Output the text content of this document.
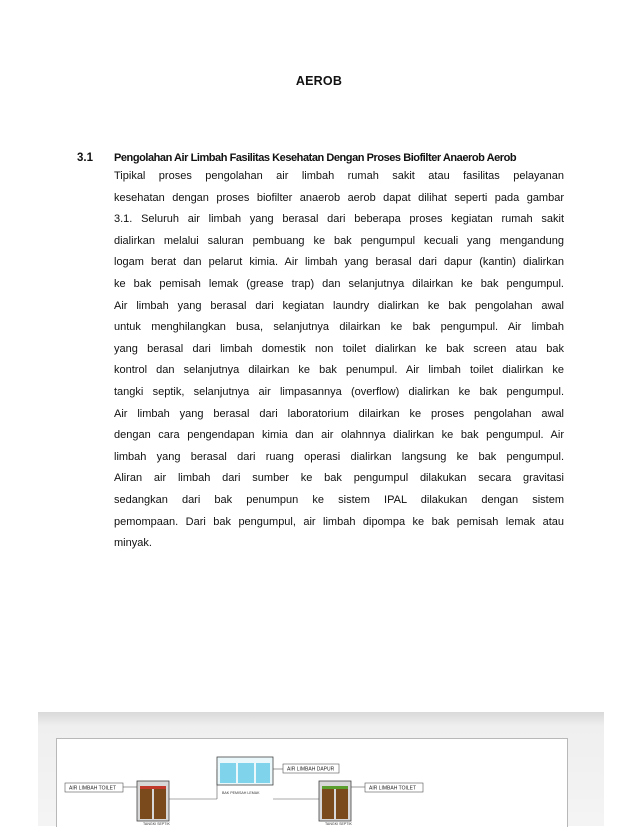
AEROB
3.1 Pengolahan Air Limbah Fasilitas Kesehatan Dengan Proses Biofilter Anaerob Aerob
Tipikal proses pengolahan air limbah rumah sakit atau fasilitas pelayanan
kesehatan dengan proses biofilter anaerob aerob dapat dilihat seperti pada gambar
3.1. Seluruh air limbah yang berasal dari beberapa proses kegiatan rumah sakit
dialirkan melalui saluran pembuang ke bak pengumpul kecuali yang mengandung
logam berat dan pelarut kimia. Air limbah yang berasal dari dapur (kantin) dialirkan
ke bak pemisah lemak (grease trap) dan selanjutnya dilairkan ke bak pengumpul.
Air limbah yang berasal dari kegiatan laundry dialirkan ke bak pengolahan awal
untuk menghilangkan busa, selanjutnya dilairkan ke bak pengumpul. Air limbah
yang berasal dari limbah domestik non toilet dialirkan ke bak screen atau bak
kontrol dan selanjutnya dilairkan ke bak penumpul. Air limbah toilet dialirkan ke
tangki septik, selanjutnya air limpasannya (overflow) dialirkan ke bak pengumpul.
Air limbah yang berasal dari laboratorium dilairkan ke proses pengolahan awal
dengan cara pengendapan kimia dan air olahnnya dialirkan ke bak pengumpul. Air
limbah yang berasal dari ruang operasi dialirkan langsung ke bak pengumpul.
Aliran air limbah dari sumber ke bak pengumpul dilakukan secara gravitasi
sedangkan dari bak penumpun ke sistem IPAL dilakukan dengan sistem
pemompaan. Dari bak pengumpul, air limbah dipompa ke bak pemisah lemak atau
minyak.
AIR LIMBAH TOILET
TANGKI SEPTIK
BAK PEMISAH LEMAK
AIR LIMBAH DAPUR
TANGKI SEPTIK
AIR LIMBAH TOILET
